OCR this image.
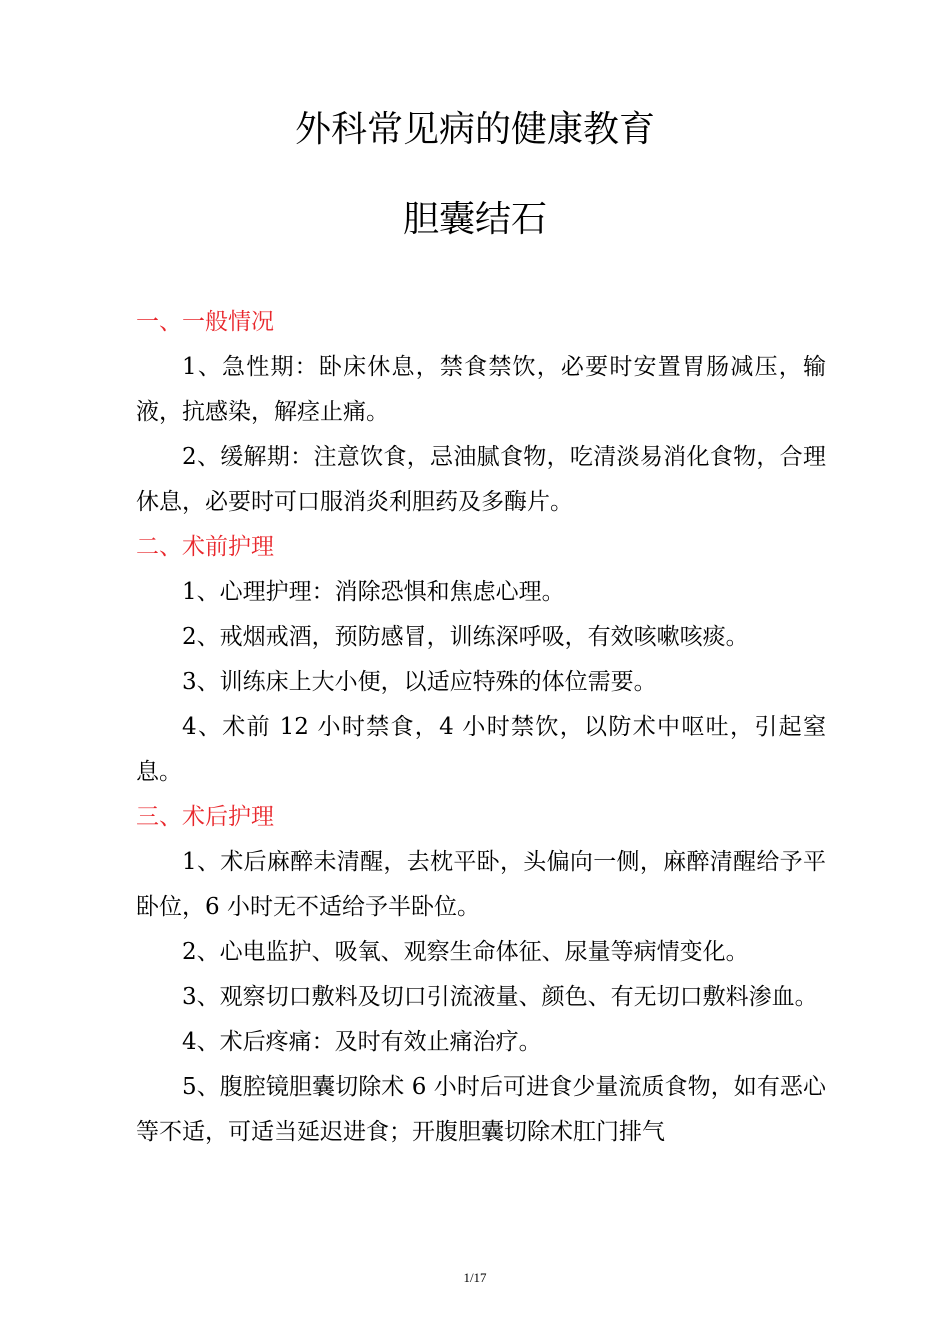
外科常见病的健康教育
胆囊结石

一、一般情况

1、急性期：卧床休息，禁食禁饮，必要时安置胃肠减压，输液，抗感染，解痉止痛。

2、缓解期：注意饮食，忌油腻食物，吃清淡易消化食物，合理休息，必要时可口服消炎利胆药及多酶片。

二、术前护理

1、心理护理：消除恐惧和焦虑心理。

2、戒烟戒酒，预防感冒，训练深呼吸，有效咳嗽咳痰。

3、训练床上大小便，以适应特殊的体位需要。

4、术前 12 小时禁食，4 小时禁饮，以防术中呕吐，引起窒息。

三、术后护理

1、术后麻醉未清醒，去枕平卧，头偏向一侧，麻醉清醒给予平卧位，6 小时无不适给予半卧位。

2、心电监护、吸氧、观察生命体征、尿量等病情变化。

3、观察切口敷料及切口引流液量、颜色、有无切口敷料渗血。

4、术后疼痛：及时有效止痛治疗。

5、腹腔镜胆囊切除术 6 小时后可进食少量流质食物，如有恶心等不适，可适当延迟进食；开腹胆囊切除术肛门排气

1/17
